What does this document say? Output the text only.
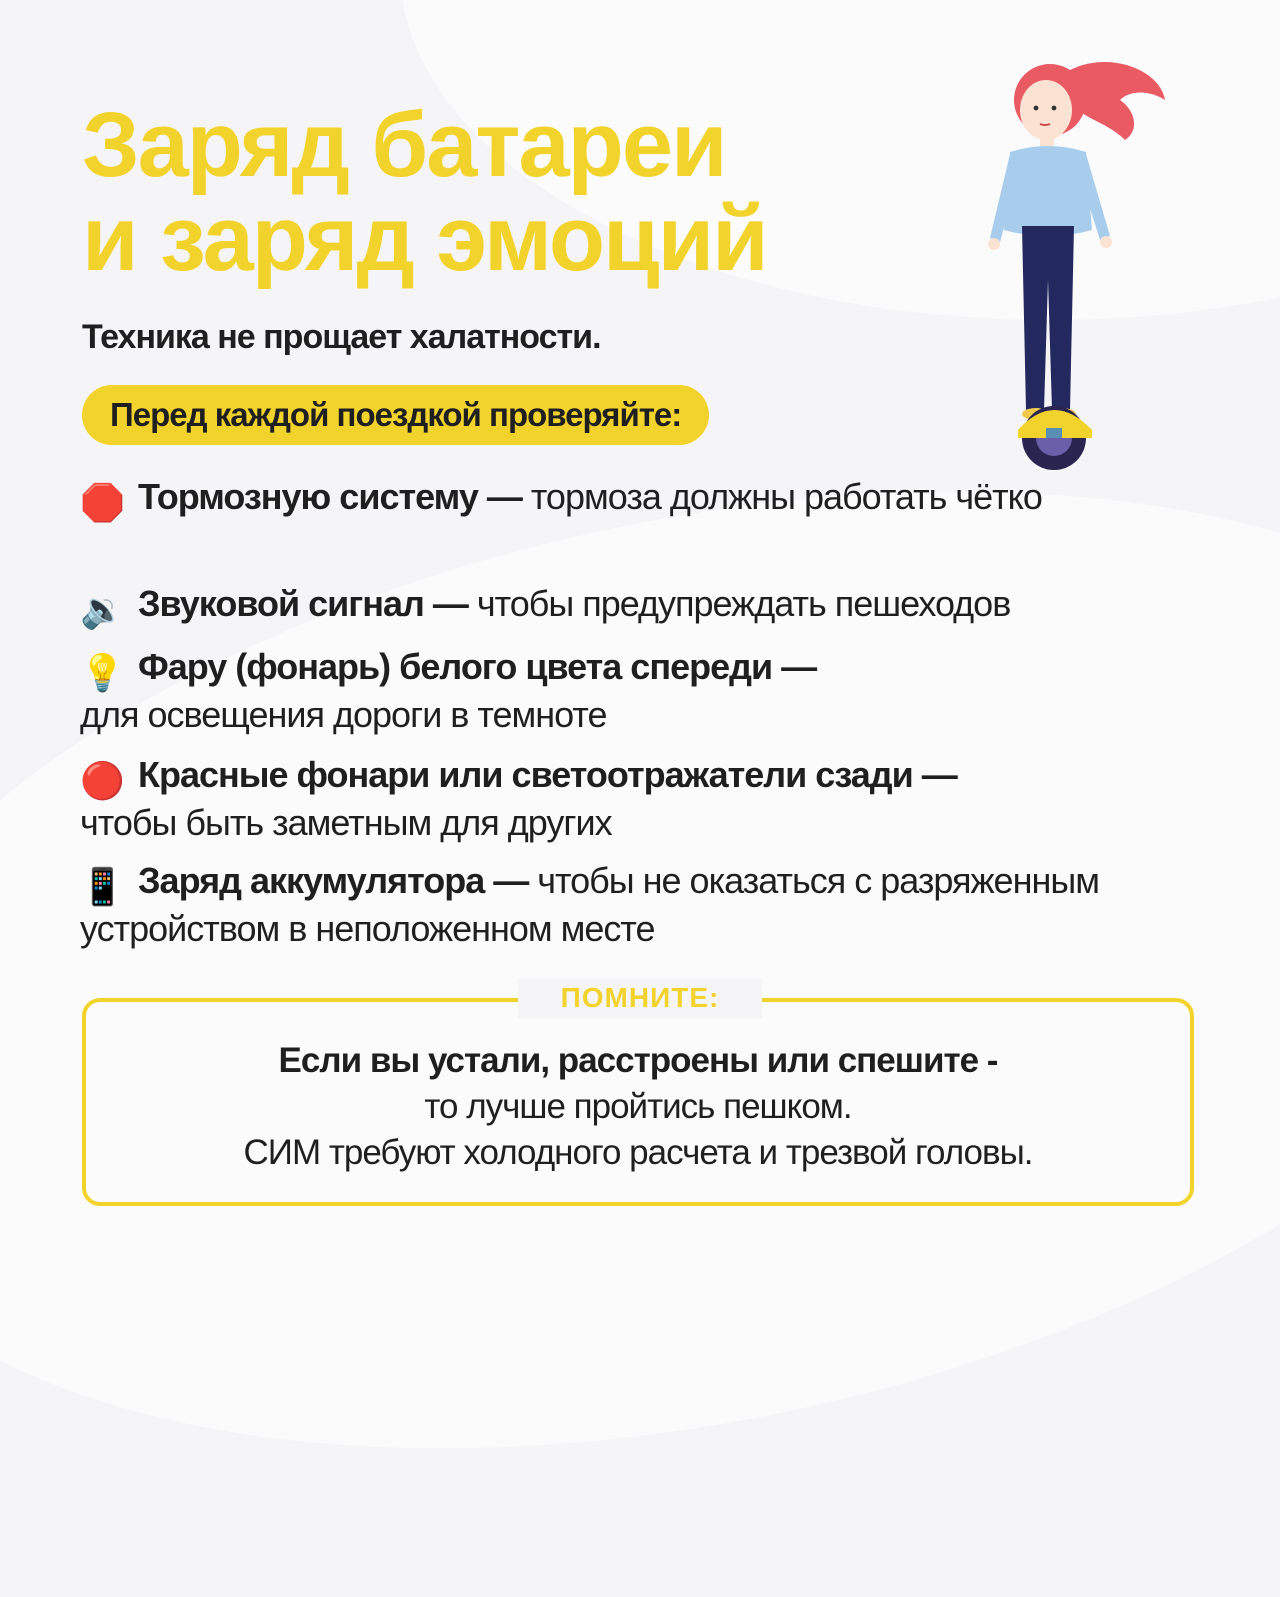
Заряд батареи
и заряд эмоций

Техника не прощает халатности.

Перед каждой поездкой проверяйте:
🛑 Тормозную систему — тормоза должны работать чётко
🔉 Звуковой сигнал — чтобы предупреждать пешеходов
💡 Фару (фонарь) белого цвета спереди —
для освещения дороги в темноте
🔴 Красные фонари или светоотражатели сзади —
чтобы быть заметным для других
📱 Заряд аккумулятора — чтобы не оказаться с разряженным устройством в неположенном месте
ПОМНИТЕ:
Если вы устали, расстроены или спешите -
то лучше пройтись пешком.
СИМ требуют холодного расчета и трезвой головы.
